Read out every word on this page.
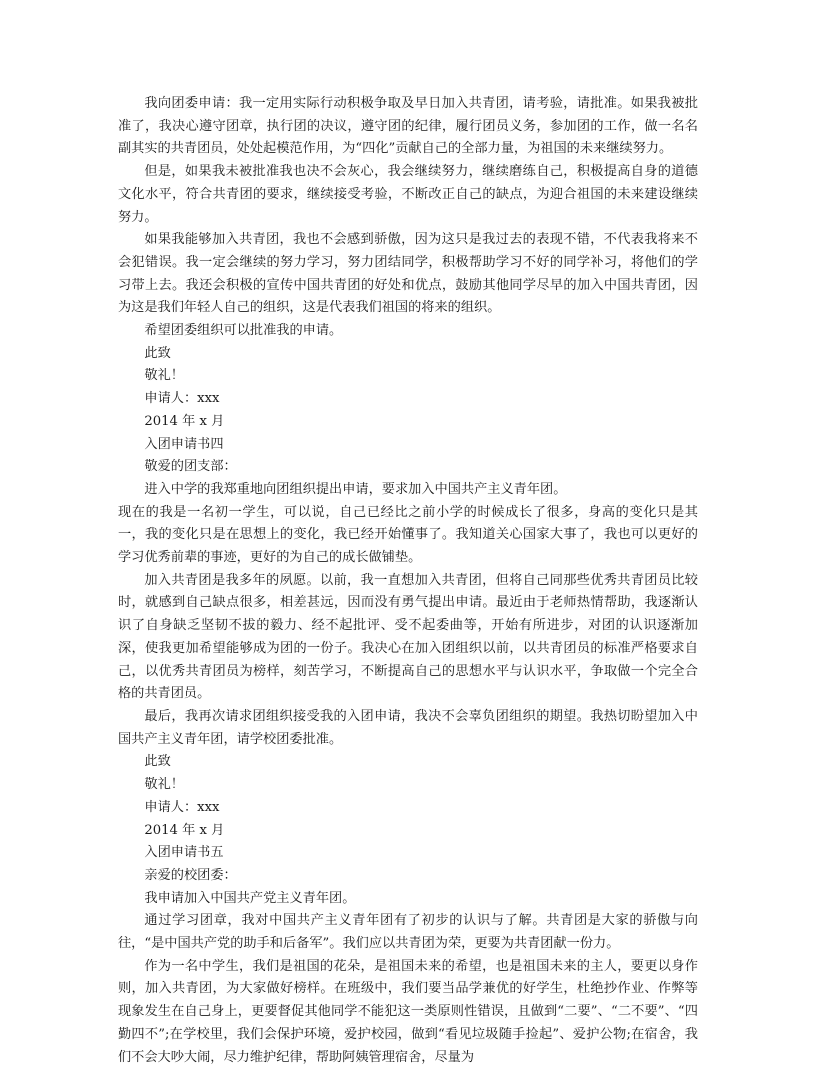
我向团委申请：我一定用实际行动积极争取及早日加入共青团，请考验，请批准。如果我被批准了，我决心遵守团章，执行团的决议，遵守团的纪律，履行团员义务，参加团的工作，做一名名副其实的共青团员，处处起模范作用，为“四化”贡献自己的全部力量，为祖国的未来继续努力。

但是，如果我未被批准我也决不会灰心，我会继续努力，继续磨练自己，积极提高自身的道德文化水平，符合共青团的要求，继续接受考验，不断改正自己的缺点，为迎合祖国的未来建设继续努力。

如果我能够加入共青团，我也不会感到骄傲，因为这只是我过去的表现不错，不代表我将来不会犯错误。我一定会继续的努力学习，努力团结同学，积极帮助学习不好的同学补习，将他们的学习带上去。我还会积极的宣传中国共青团的好处和优点，鼓励其他同学尽早的加入中国共青团，因为这是我们年轻人自己的组织，这是代表我们祖国的将来的组织。

希望团委组织可以批准我的申请。

此致

敬礼！

申请人：xxx

2014 年 x 月

入团申请书四

敬爱的团支部：

进入中学的我郑重地向团组织提出申请，要求加入中国共产主义青年团。

现在的我是一名初一学生，可以说，自己已经比之前小学的时候成长了很多，身高的变化只是其一，我的变化只是在思想上的变化，我已经开始懂事了。我知道关心国家大事了，我也可以更好的学习优秀前辈的事迹，更好的为自己的成长做铺垫。

加入共青团是我多年的夙愿。以前，我一直想加入共青团，但将自己同那些优秀共青团员比较时，就感到自己缺点很多，相差甚远，因而没有勇气提出申请。最近由于老师热情帮助，我逐渐认识了自身缺乏坚韧不拔的毅力、经不起批评、受不起委曲等，开始有所进步，对团的认识逐渐加深，使我更加希望能够成为团的一份子。我决心在加入团组织以前，以共青团员的标准严格要求自己，以优秀共青团员为榜样，刻苦学习，不断提高自己的思想水平与认识水平，争取做一个完全合格的共青团员。

最后，我再次请求团组织接受我的入团申请，我决不会辜负团组织的期望。我热切盼望加入中国共产主义青年团，请学校团委批准。

此致

敬礼！

申请人：xxx

2014 年 x 月

入团申请书五

亲爱的校团委：

我申请加入中国共产党主义青年团。

通过学习团章，我对中国共产主义青年团有了初步的认识与了解。共青团是大家的骄傲与向往，“是中国共产党的助手和后备军”。我们应以共青团为荣，更要为共青团献一份力。

作为一名中学生，我们是祖国的花朵，是祖国未来的希望，也是祖国未来的主人，要更以身作则，加入共青团，为大家做好榜样。在班级中，我们要当品学兼优的好学生，杜绝抄作业、作弊等现象发生在自己身上，更要督促其他同学不能犯这一类原则性错误，且做到“二要”、“二不要”、“四勤四不”;在学校里，我们会保护环境，爱护校园，做到“看见垃圾随手捡起”、爱护公物;在宿舍，我们不会大吵大闹，尽力维护纪律，帮助阿姨管理宿舍，尽量为
